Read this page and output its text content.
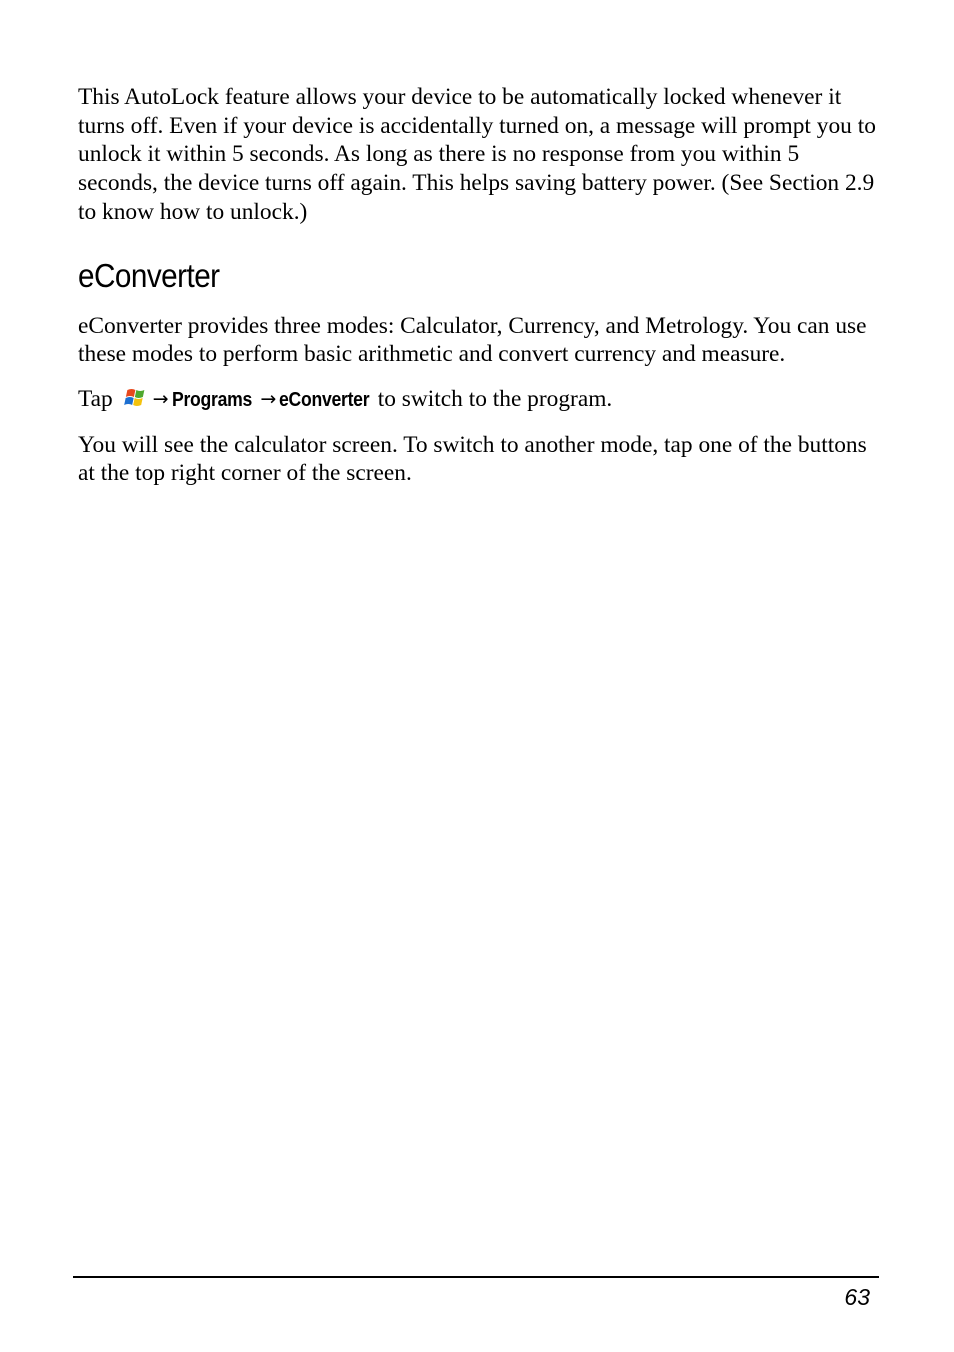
This AutoLock feature allows your device to be automatically locked whenever it turns off. Even if your device is accidentally turned on, a message will prompt you to unlock it within 5 seconds. As long as there is no response from you within 5 seconds, the device turns off again. This helps saving battery power. (See Section 2.9 to know how to unlock.)

eConverter

eConverter provides three modes: Calculator, Currency, and Metrology. You can use these modes to perform basic arithmetic and convert currency and measure.

Tap → Programs → eConverter to switch to the program.

You will see the calculator screen. To switch to another mode, tap one of the buttons at the top right corner of the screen.

63
